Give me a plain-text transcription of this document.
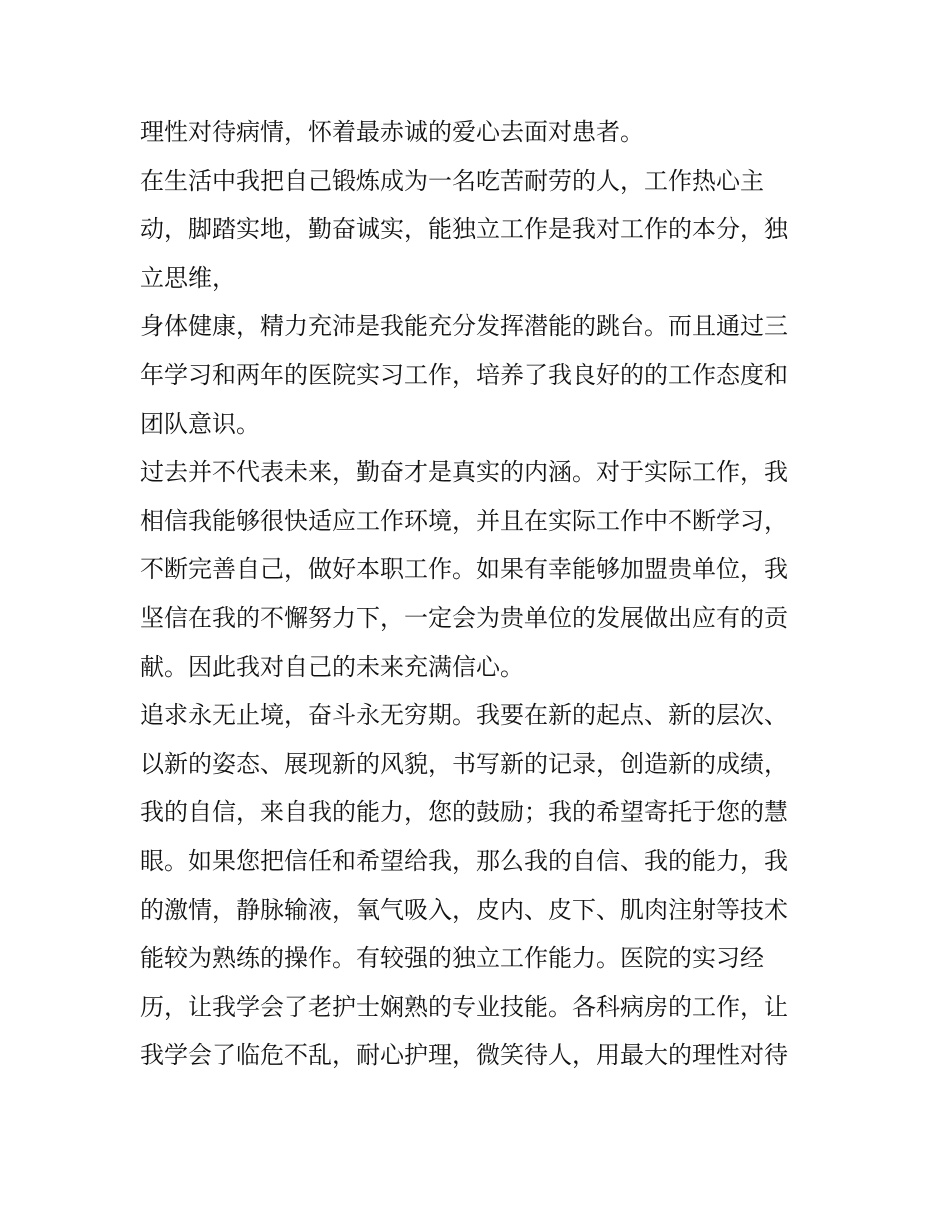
理性对待病情，怀着最赤诚的爱心去面对患者。
在生活中我把自己锻炼成为一名吃苦耐劳的人，工作热心主
动，脚踏实地，勤奋诚实，能独立工作是我对工作的本分，独
立思维，
身体健康，精力充沛是我能充分发挥潜能的跳台。而且通过三
年学习和两年的医院实习工作，培养了我良好的的工作态度和
团队意识。
过去并不代表未来，勤奋才是真实的内涵。对于实际工作，我
相信我能够很快适应工作环境，并且在实际工作中不断学习，
不断完善自己，做好本职工作。如果有幸能够加盟贵单位，我
坚信在我的不懈努力下，一定会为贵单位的发展做出应有的贡
献。因此我对自己的未来充满信心。
追求永无止境，奋斗永无穷期。我要在新的起点、新的层次、
以新的姿态、展现新的风貌，书写新的记录，创造新的成绩，
我的自信，来自我的能力，您的鼓励；我的希望寄托于您的慧
眼。如果您把信任和希望给我，那么我的自信、我的能力，我
的激情，静脉输液，氧气吸入，皮内、皮下、肌肉注射等技术
能较为熟练的操作。有较强的独立工作能力。医院的实习经
历，让我学会了老护士娴熟的专业技能。各科病房的工作，让
我学会了临危不乱，耐心护理，微笑待人，用最大的理性对待
